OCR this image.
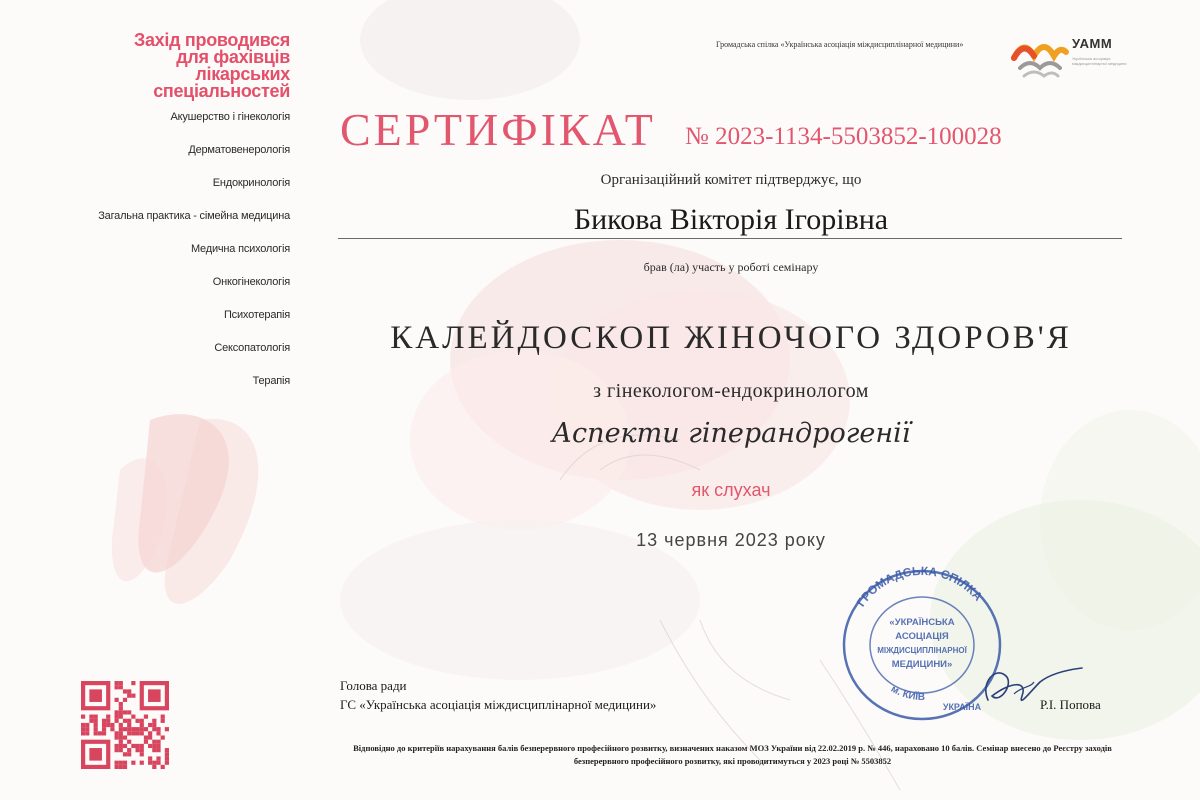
Захід проводився
для фахівців
лікарських
спеціальностей
Акушерство і гінекологія
Дерматовенерологія
Ендокринологія
Загальна практика - сімейна медицина
Медична психологія
Онкогінекологія
Психотерапія
Сексопатологія
Терапія
Громадська спілка «Українська асоціація міждисциплінарної медицини»	УАММ
Українська асоціація міждисциплінарної медицини
СЕРТИФІКАТ № 2023-1134-5503852-100028
Організаційний комітет підтверджує, що
Бикова Вікторія Ігорівна
брав (ла) участь у роботі семінару
КАЛЕЙДОСКОП ЖІНОЧОГО ЗДОРОВ'Я
з гінекологом-ендокринологом
Аспекти гіперандрогенії
як слухач
13 червня 2023 року
ГРОМАДСЬКА СПІЛКА
м. КИЇВ
«УКРАЇНСЬКА
АСОЦІАЦІЯ
МІЖДИСЦИПЛІНАРНОЇ
МЕДИЦИНИ»
УКРАЇНА
Голова ради
ГС «Українська асоціація міждисциплінарної медицини»	Р.І. Попова
Відповідно до критеріїв нарахування балів безперервного професійного розвитку, визначених наказом МОЗ України від 22.02.2019 р. № 446, нараховано 10 балів. Семінар внесено до Реєстру заходів безперервного професійного розвитку, які проводитимуться у 2023 році № 5503852
